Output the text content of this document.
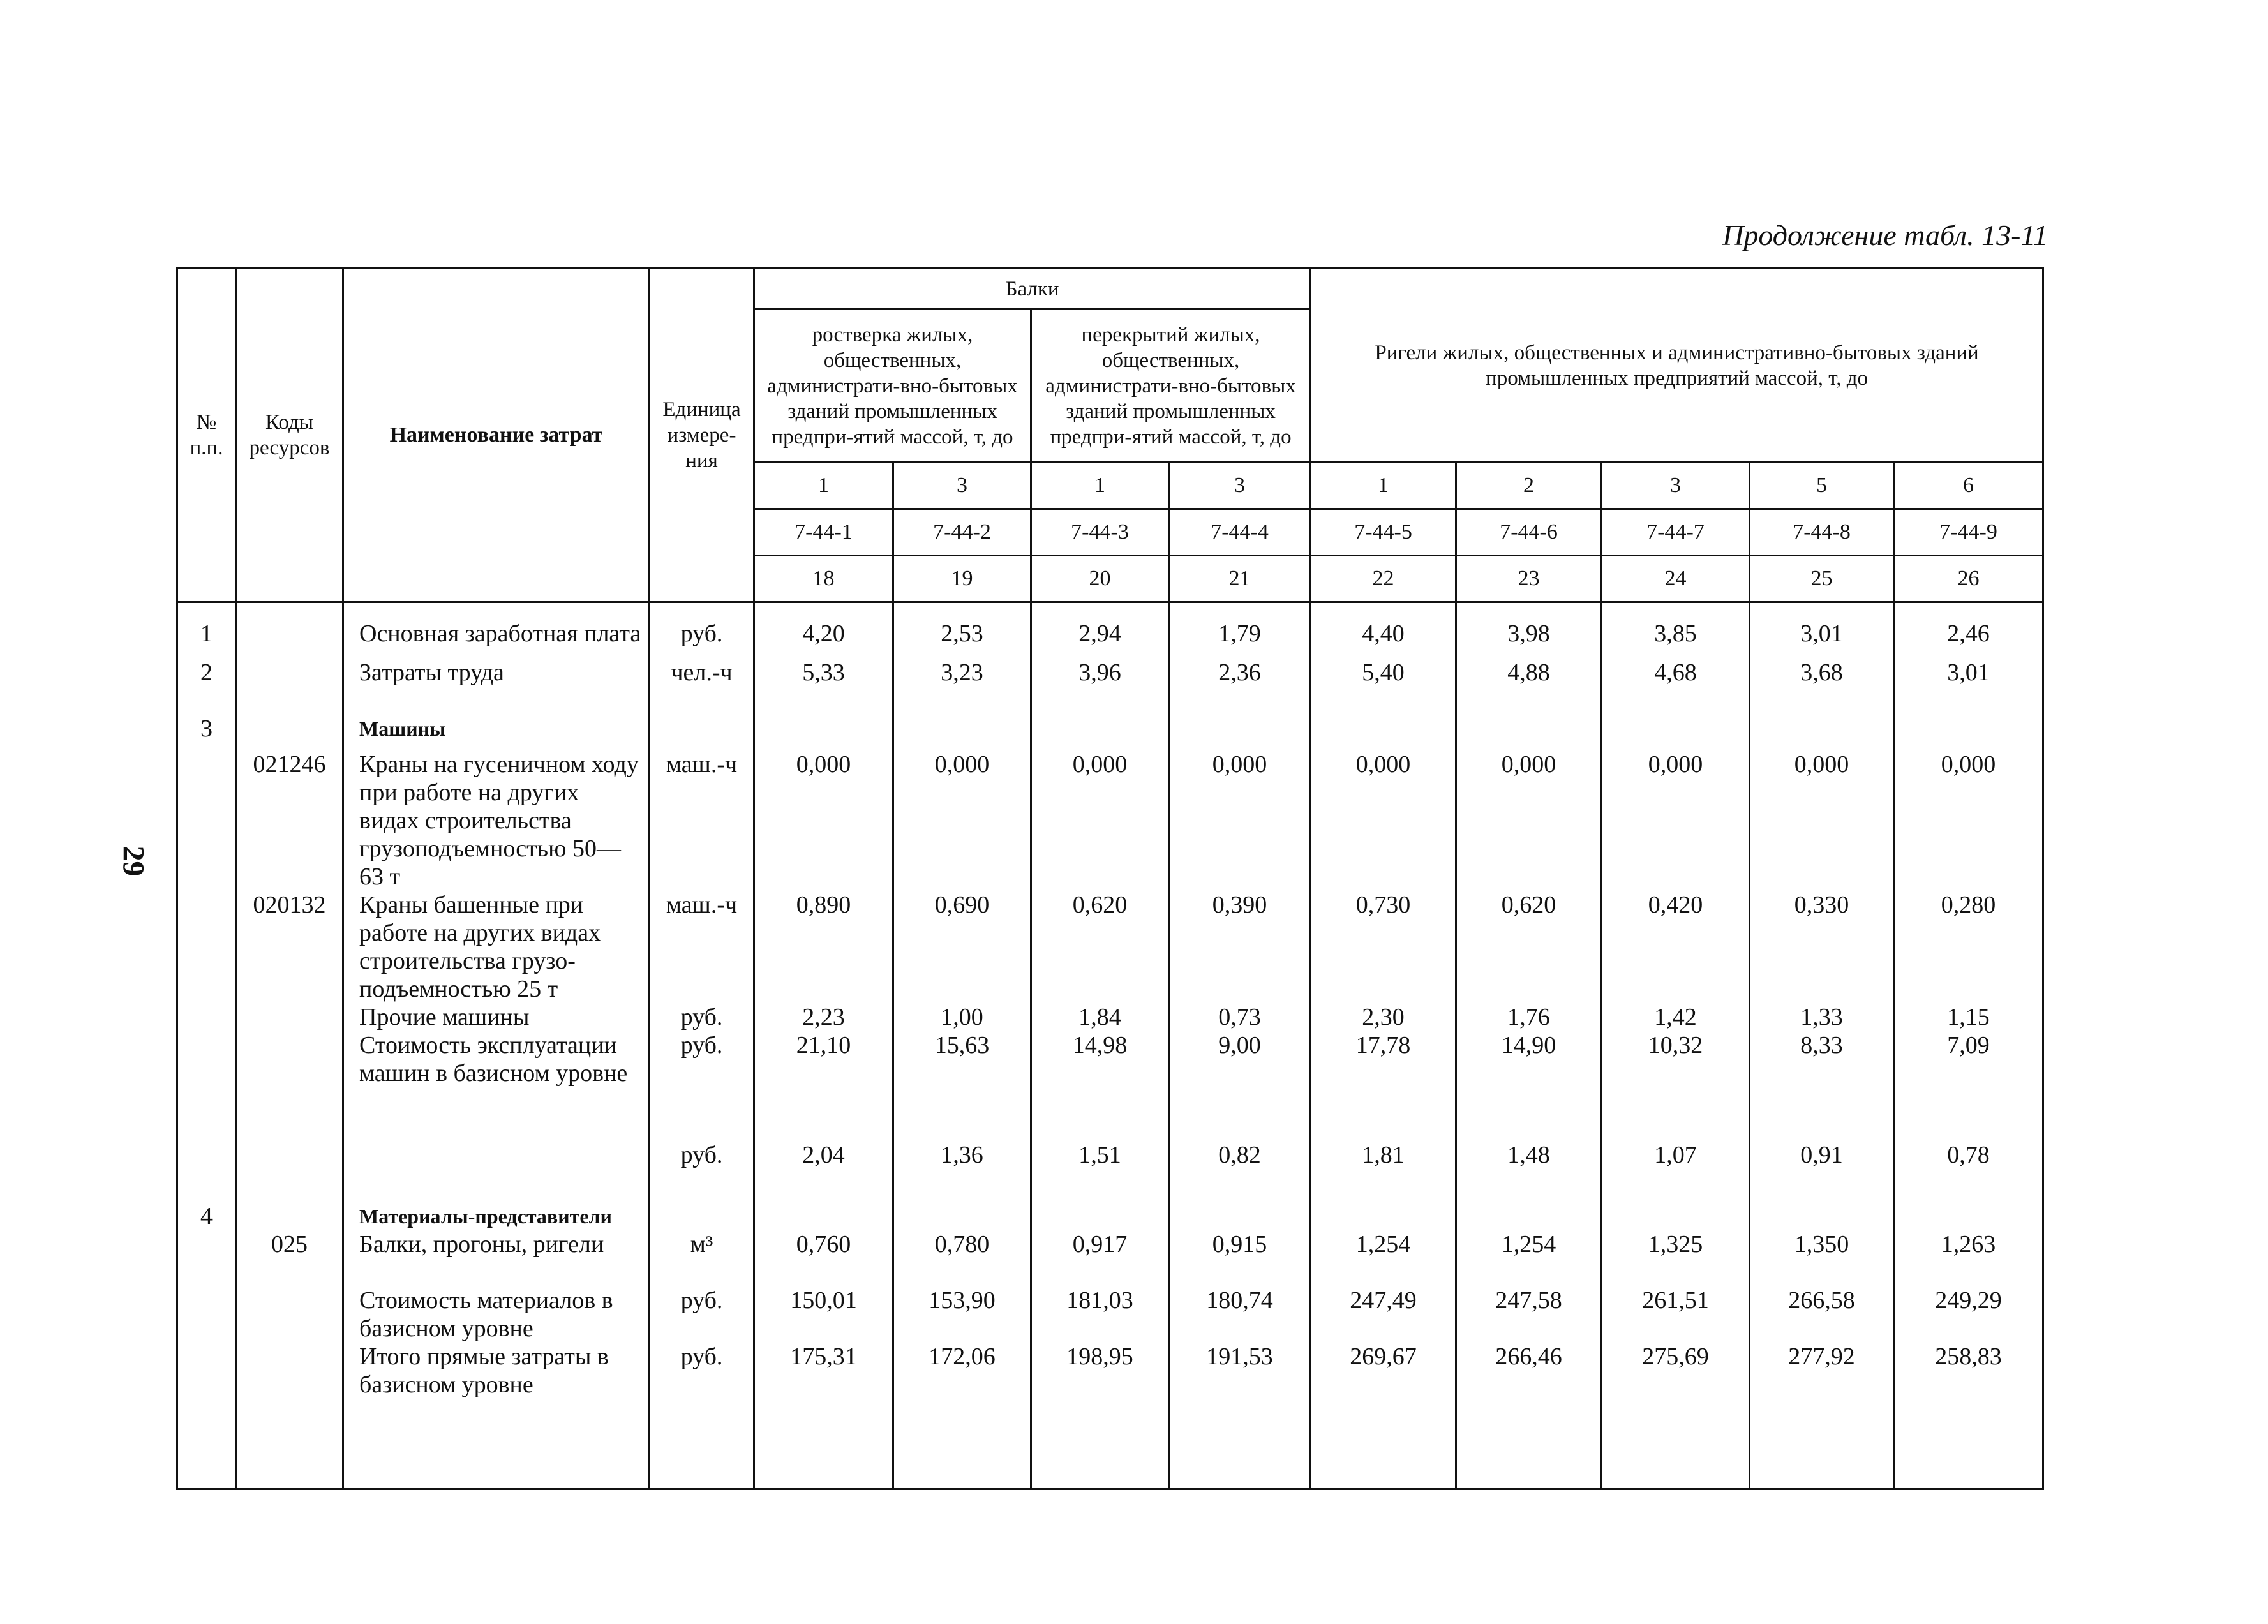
Продолжение табл. 13-11
29
№ п.п.	Коды ресурсов	Наименование затрат	Единица измере-ния	Балки				Ригели жилых, общественных и административно-бытовых зданий промышленных предприятий массой, т, до				
				ростверка жилых, общественных, администрати-вно-бытовых зданий промышленных предпри-ятий массой, т, до		перекрытий жилых, общественных, администрати-вно-бытовых зданий промышленных предпри-ятий массой, т, до						
				1	3	1	3	1	2	3	5	6
				7-44-1	7-44-2	7-44-3	7-44-4	7-44-5	7-44-6	7-44-7	7-44-8	7-44-9
				18	19	20	21	22	23	24	25	26
1		Основная заработная плата	руб.	4,20	2,53	2,94	1,79	4,40	3,98	3,85	3,01	2,46
2		Затраты труда	чел.-ч	5,33	3,23	3,96	2,36	5,40	4,88	4,68	3,68	3,01
3		Машины										
	021246	Краны на гусеничном ходу при работе на других видах строительства грузоподъемностью 50—63 т	маш.-ч	0,000	0,000	0,000	0,000	0,000	0,000	0,000	0,000	0,000
	020132	Краны башенные при работе на других видах строительства грузо-подъемностью 25 т	маш.-ч	0,890	0,690	0,620	0,390	0,730	0,620	0,420	0,330	0,280
		Прочие машины	руб.	2,23	1,00	1,84	0,73	2,30	1,76	1,42	1,33	1,15
		Стоимость эксплуатации машин в базисном уровне	руб.	21,10	15,63	14,98	9,00	17,78	14,90	10,32	8,33	7,09
			руб.	2,04	1,36	1,51	0,82	1,81	1,48	1,07	0,91	0,78
4		Материалы-представители										
	025	Балки, прогоны, ригели	м³	0,760	0,780	0,917	0,915	1,254	1,254	1,325	1,350	1,263
		Стоимость материалов в базисном уровне	руб.	150,01	153,90	181,03	180,74	247,49	247,58	261,51	266,58	249,29
		Итого прямые затраты в базисном уровне	руб.	175,31	172,06	198,95	191,53	269,67	266,46	275,69	277,92	258,83
